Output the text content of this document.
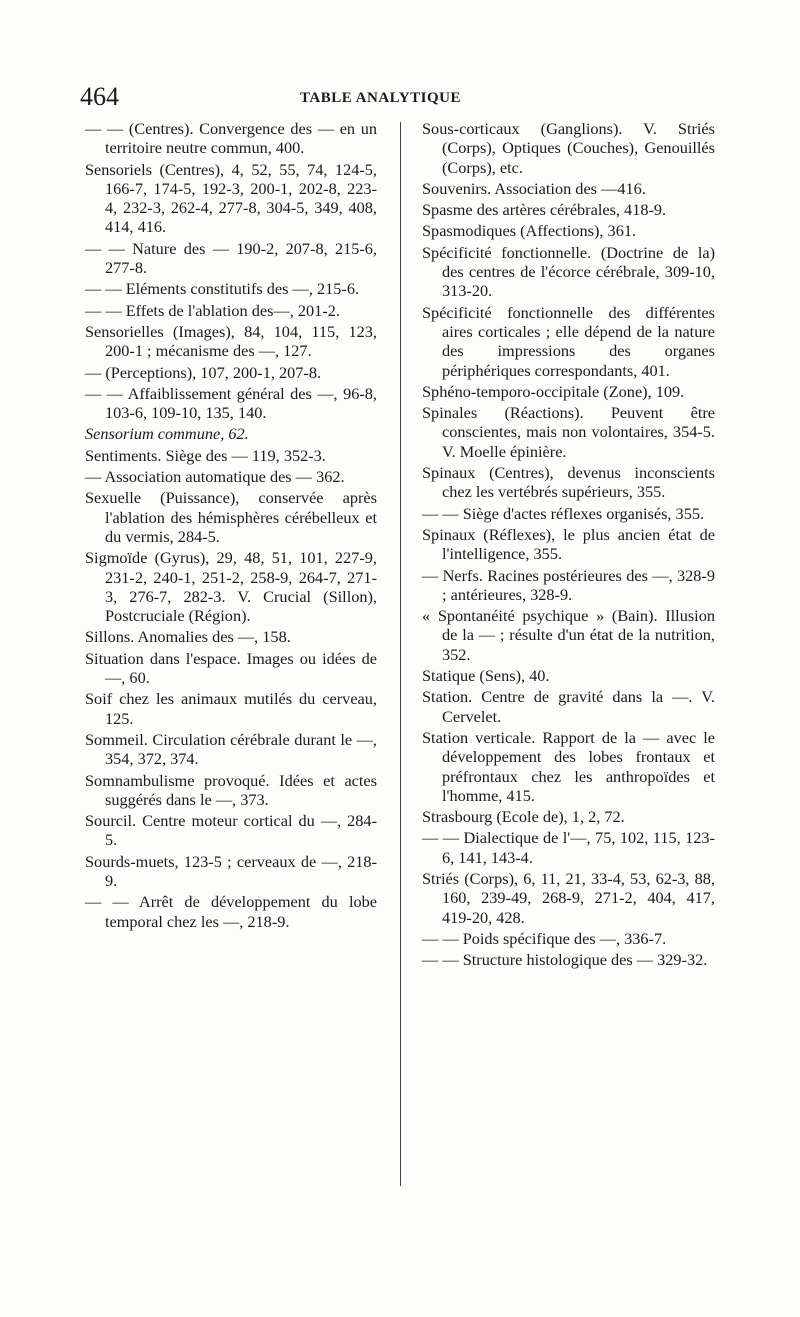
464	TABLE ANALYTIQUE

— — (Centres). Convergence des — en un territoire neutre commun, 400.

Sensoriels (Centres), 4, 52, 55, 74, 124-5, 166-7, 174-5, 192-3, 200-1, 202-8, 223-4, 232-3, 262-4, 277-8, 304-5, 349, 408, 414, 416.

— — Nature des — 190-2, 207-8, 215-6, 277-8.

— — Eléments constitutifs des —, 215-6.

— — Effets de l'ablation des—, 201-2.

Sensorielles (Images), 84, 104, 115, 123, 200-1 ; mécanisme des —, 127.

— (Perceptions), 107, 200-1, 207-8.

— — Affaiblissement général des —, 96-8, 103-6, 109-10, 135, 140.

Sensorium commune, 62.

Sentiments. Siège des — 119, 352-3.

— Association automatique des — 362.

Sexuelle (Puissance), conservée après l'ablation des hémisphères cérébelleux et du vermis, 284-5.

Sigmoïde (Gyrus), 29, 48, 51, 101, 227-9, 231-2, 240-1, 251-2, 258-9, 264-7, 271-3, 276-7, 282-3. V. Crucial (Sillon), Postcruciale (Région).

Sillons. Anomalies des —, 158.

Situation dans l'espace. Images ou idées de —, 60.

Soif chez les animaux mutilés du cerveau, 125.

Sommeil. Circulation cérébrale durant le —, 354, 372, 374.

Somnambulisme provoqué. Idées et actes suggérés dans le —, 373.

Sourcil. Centre moteur cortical du —, 284-5.

Sourds-muets, 123-5 ; cerveaux de —, 218-9.

— — Arrêt de développement du lobe temporal chez les —, 218-9.

Sous-corticaux (Ganglions). V. Striés (Corps), Optiques (Couches), Genouillés (Corps), etc.

Souvenirs. Association des —416.

Spasme des artères cérébrales, 418-9.

Spasmodiques (Affections), 361.

Spécificité fonctionnelle. (Doctrine de la) des centres de l'écorce cérébrale, 309-10, 313-20.

Spécificité fonctionnelle des différentes aires corticales ; elle dépend de la nature des impressions des organes périphériques correspondants, 401.

Sphéno-temporo-occipitale (Zone), 109.

Spinales (Réactions). Peuvent être conscientes, mais non volontaires, 354-5. V. Moelle épinière.

Spinaux (Centres), devenus inconscients chez les vertébrés supérieurs, 355.

— — Siège d'actes réflexes organisés, 355.

Spinaux (Réflexes), le plus ancien état de l'intelligence, 355.

— Nerfs. Racines postérieures des —, 328-9 ; antérieures, 328-9.

« Spontanéité psychique » (Bain). Illusion de la — ; résulte d'un état de la nutrition, 352.

Statique (Sens), 40.

Station. Centre de gravité dans la —. V. Cervelet.

Station verticale. Rapport de la — avec le développement des lobes frontaux et préfrontaux chez les anthropoïdes et l'homme, 415.

Strasbourg (Ecole de), 1, 2, 72.

— — Dialectique de l'—, 75, 102, 115, 123-6, 141, 143-4.

Striés (Corps), 6, 11, 21, 33-4, 53, 62-3, 88, 160, 239-49, 268-9, 271-2, 404, 417, 419-20, 428.

— — Poids spécifique des —, 336-7.

— — Structure histologique des — 329-32.
